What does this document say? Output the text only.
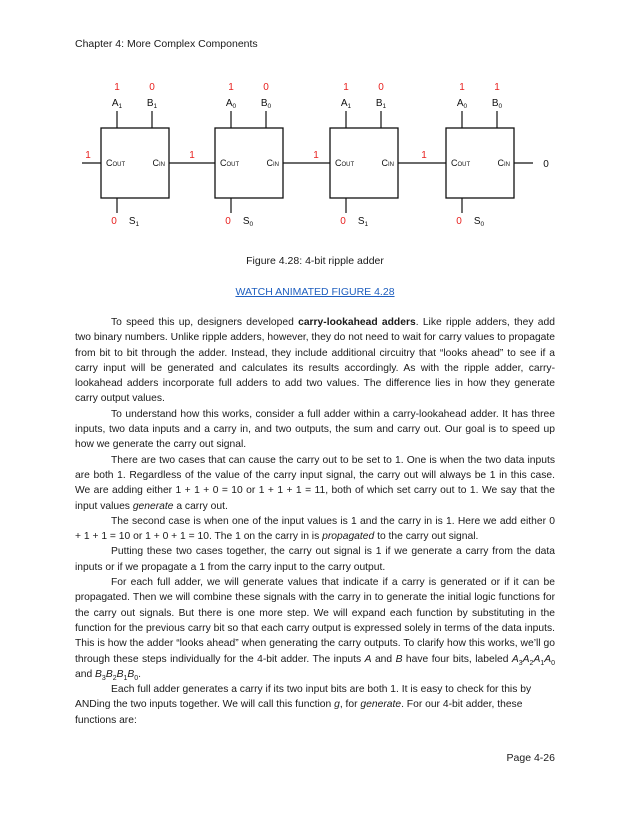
Chapter 4: More Complex Components
1	0
$A_1$ $B_1$
COUT	CIN
0 $S_1$
1	0
$A_0$ $B_0$
COUT	CIN
0 $S_0$
1	0
$A_1$ $B_1$
COUT	CIN
0 $S_1$
1	1
$A_0$ $B_0$
COUT	CIN
0 $S_0$
1	1	1	1
0
Figure 4.28: 4-bit ripple adder
WATCH ANIMATED FIGURE 4.28

To speed this up, designers developed carry-lookahead adders. Like ripple adders, they add two binary numbers. Unlike ripple adders, however, they do not need to wait for carry values to propagate from bit to bit through the adder. Instead, they include additional circuitry that “looks ahead” to see if a carry input will be generated and calculates its results accordingly. As with the ripple adder, carry-lookahead adders incorporate full adders to add two values. The difference lies in how they generate carry output values.

To understand how this works, consider a full adder within a carry-lookahead adder. It has three inputs, two data inputs and a carry in, and two outputs, the sum and carry out. Our goal is to speed up how we generate the carry out signal.

There are two cases that can cause the carry out to be set to 1. One is when the two data inputs are both 1. Regardless of the value of the carry input signal, the carry out will always be 1 in this case. We are adding either 1 + 1 + 0 = 10 or 1 + 1 + 1 = 11, both of which set carry out to 1. We say that the input values generate a carry out.

The second case is when one of the input values is 1 and the carry in is 1. Here we add either 0 + 1 + 1 = 10 or 1 + 0 + 1 = 10. The 1 on the carry in is propagated to the carry out signal.

Putting these two cases together, the carry out signal is 1 if we generate a carry from the data inputs or if we propagate a 1 from the carry input to the carry output.

For each full adder, we will generate values that indicate if a carry is generated or if it can be propagated. Then we will combine these signals with the carry in to generate the initial logic functions for the carry out signals. But there is one more step. We will expand each function by substituting in the function for the previous carry bit so that each carry output is expressed solely in terms of the data inputs. This is how the adder “looks ahead” when generating the carry outputs. To clarify how this works, we’ll go through these steps individually for the 4-bit adder. The inputs A and B have four bits, labeled $A_3A_2A_1A_0$ and $B_3B_2B_1B_0$.

Each full adder generates a carry if its two input bits are both 1. It is easy to check for this by ANDing the two inputs together. We will call this function g, for generate. For our 4-bit adder, these functions are:

Page 4-26
